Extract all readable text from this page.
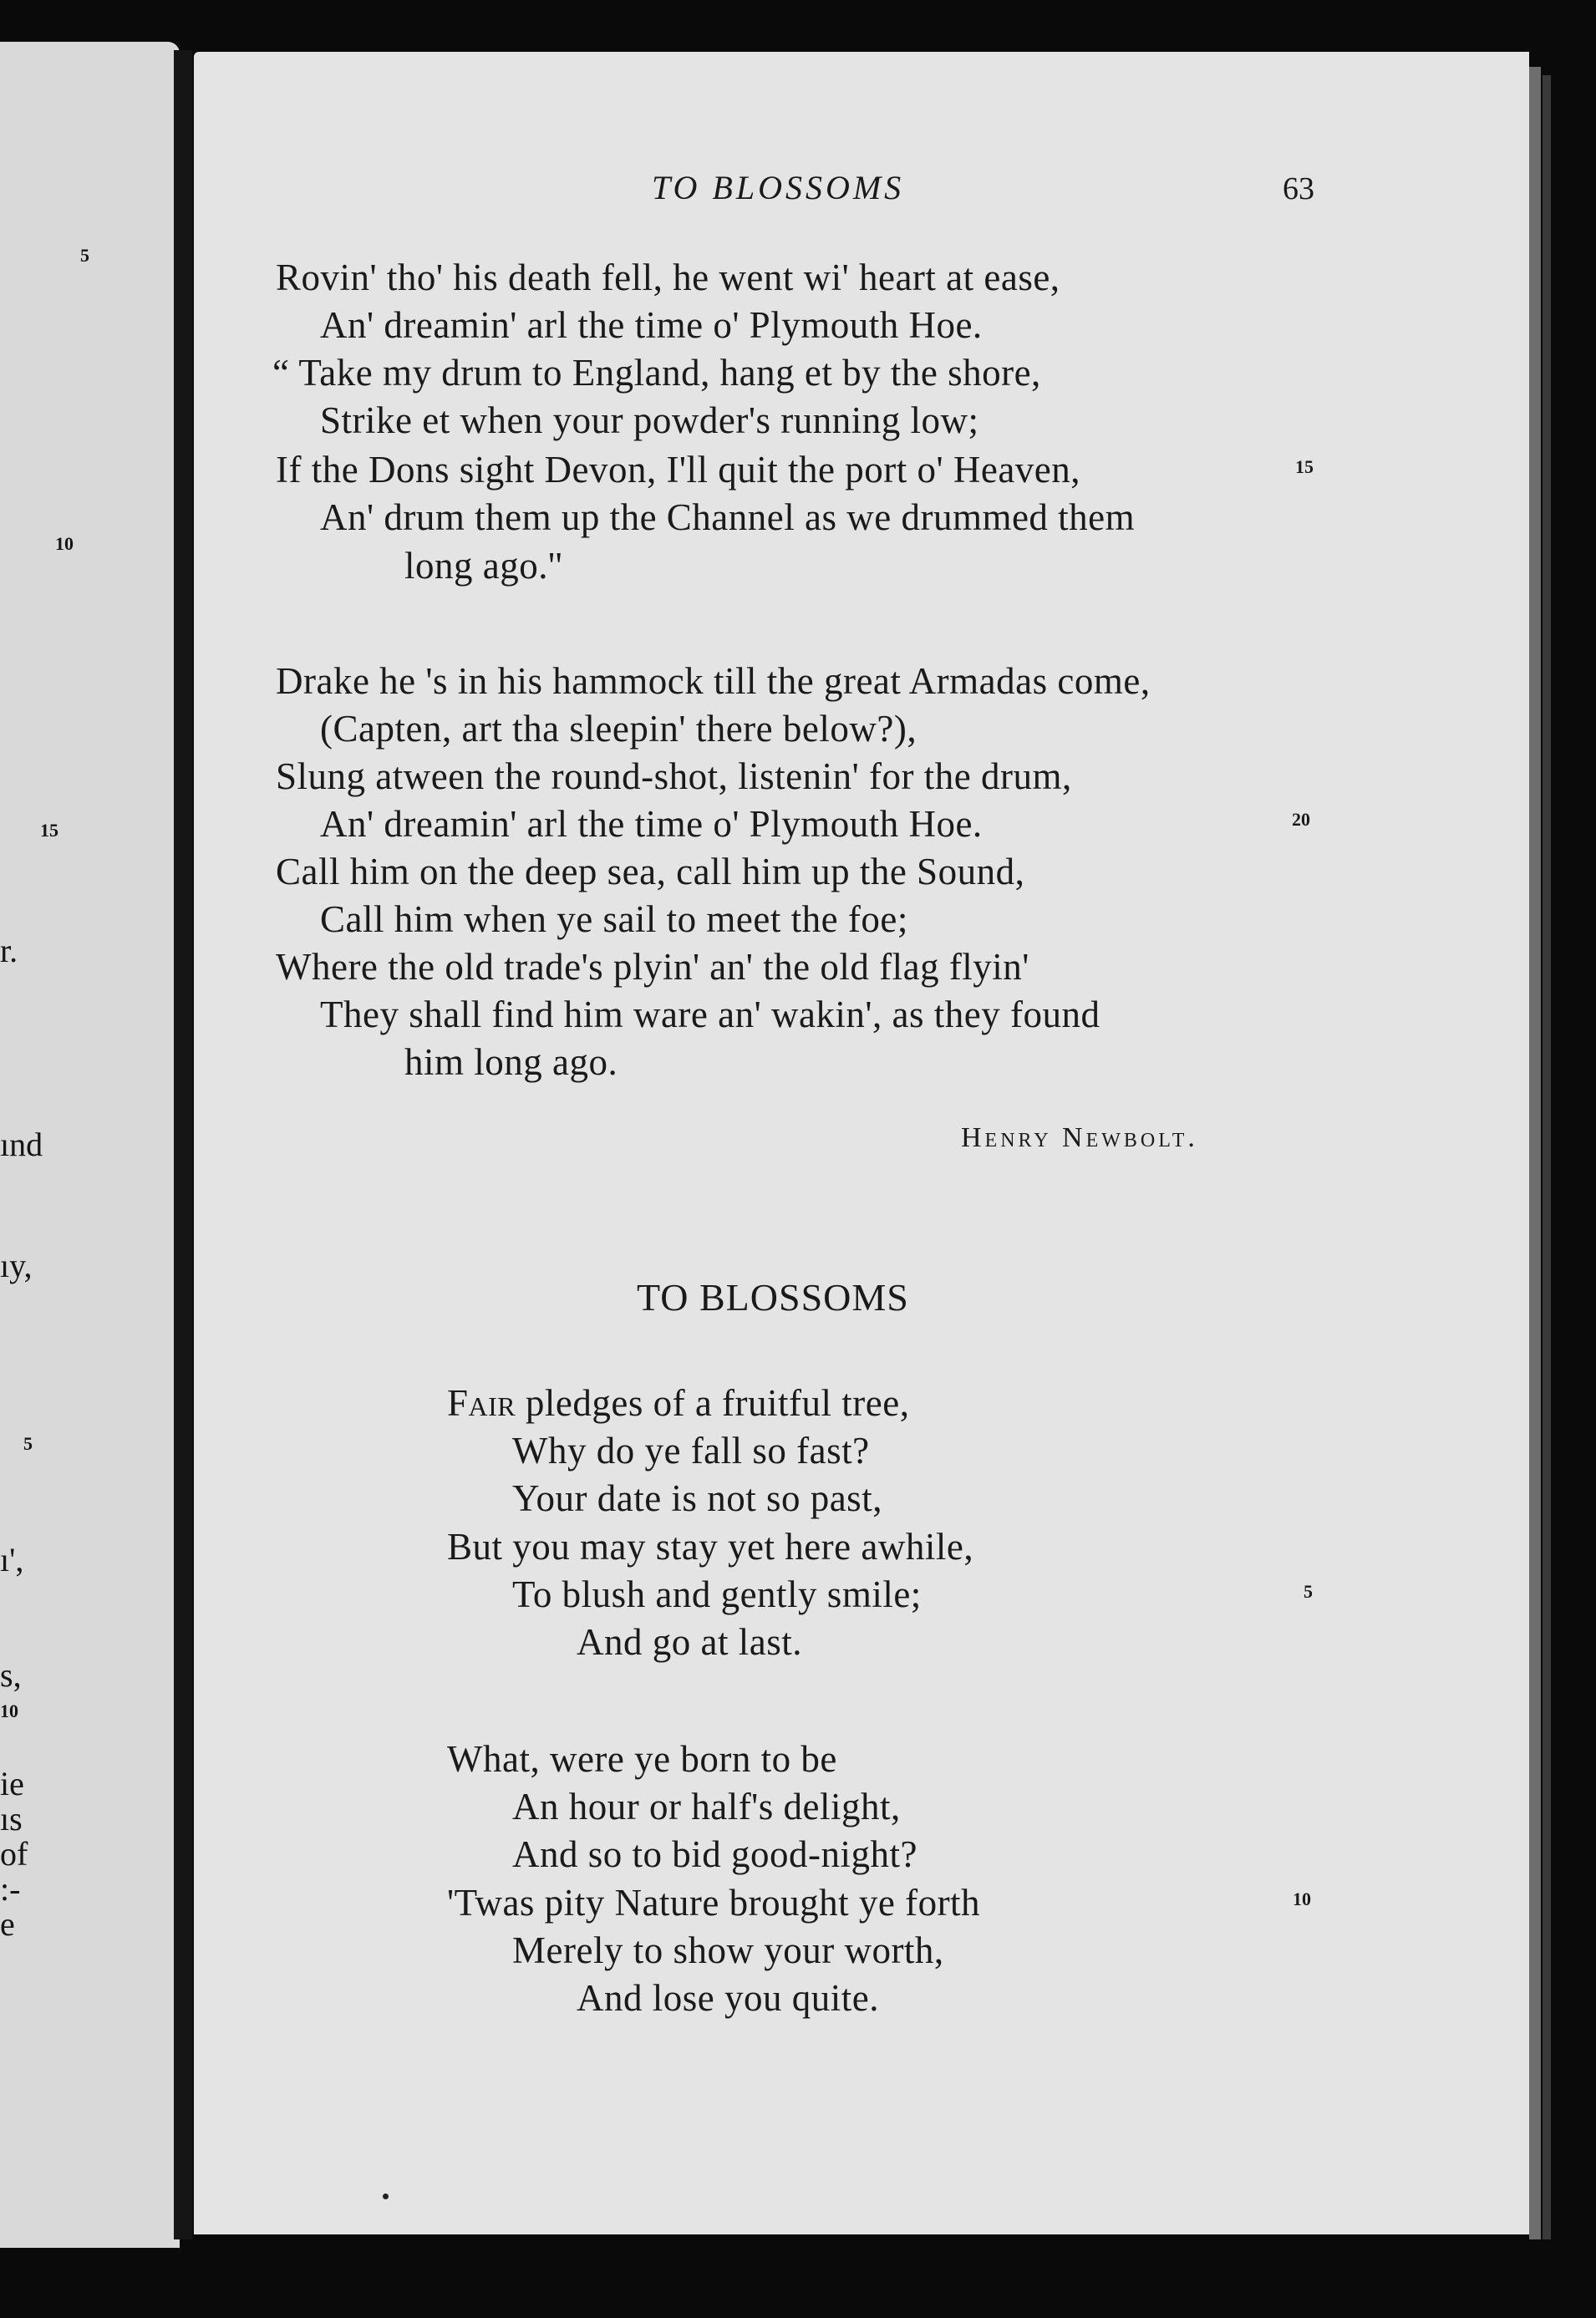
5
10
15
r.
ınd
ıy,
5
ı',
s,
10
ie
ıs
of
:-
e
TO BLOSSOMS	63
Rovin' tho' his death fell, he went wi' heart at ease,
An' dreamin' arl the time o' Plymouth Hoe.
“ Take my drum to England, hang et by the shore,
Strike et when your powder's running low;
If the Dons sight Devon, I'll quit the port o' Heaven,
An' drum them up the Channel as we drummed them
long ago.''
15
Drake he 's in his hammock till the great Armadas come,
(Capten, art tha sleepin' there below?),
Slung atween the round-shot, listenin' for the drum,
An' dreamin' arl the time o' Plymouth Hoe.
Call him on the deep sea, call him up the Sound,
Call him when ye sail to meet the foe;
Where the old trade's plyin' an' the old flag flyin'
They shall find him ware an' wakin', as they found
him long ago.
20
Henry Newbolt.
TO BLOSSOMS
Fair pledges of a fruitful tree,
Why do ye fall so fast?
Your date is not so past,
But you may stay yet here awhile,
To blush and gently smile;
And go at last.
5
What, were ye born to be
An hour or half's delight,
And so to bid good-night?
'Twas pity Nature brought ye forth
Merely to show your worth,
And lose you quite.
10
